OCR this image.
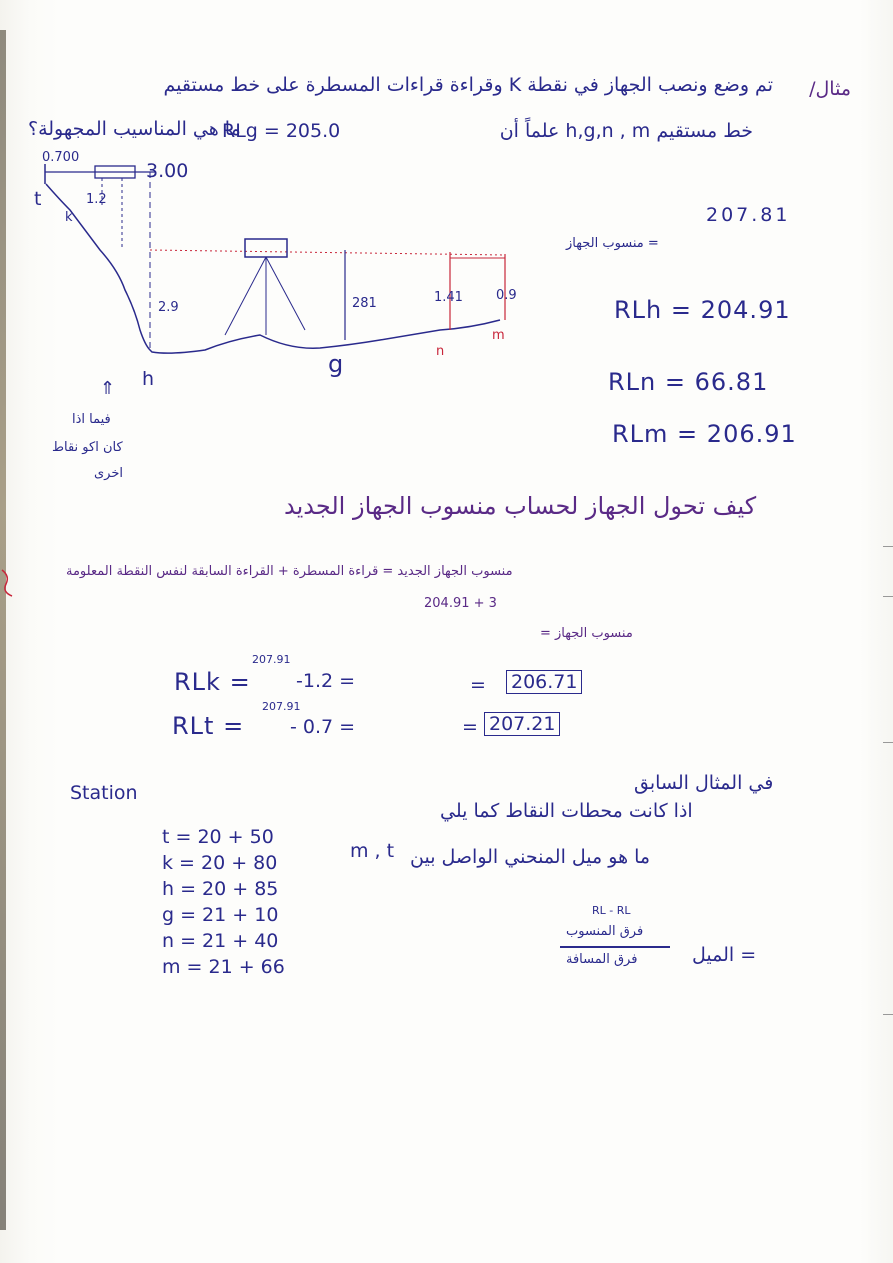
مثال/
تم وضع ونصب الجهاز في نقطة K وقراءة قراءات المسطرة على خط مستقيم
خط مستقيم h,g,n , m علماً أن
RLg = 205.0
ما هي المناسيب المجهولة؟
0.700
3.00
t
k
1.2
2.9	281	1.41	0.9
g
h
n
m
⇑
فيما اذا
كان اكو نقاط
اخرى
207.81
= منسوب الجهاز
RLh = 204.91
RLn = 66.81
RLm = 206.91
كيف تحول الجهاز لحساب منسوب الجهاز الجديد
منسوب الجهاز الجديد = قراءة المسطرة + القراءة السابقة لنفس النقطة المعلومة
204.91 + 3
منسوب الجهاز =
207.91
RLk = -1.2 =	= 206.71
207.91
RLt = - 0.7 =	= 207.21
Station	في المثال السابق
اذا كانت محطات النقاط كما يلي
ما هو ميل المنحني الواصل بين
m , t
t = 20 + 50
k = 20 + 80
h = 20 + 85
g = 21 + 10
n = 21 + 40
m = 21 + 66
RL - RL
فرق المنسوب
فرق المسافة	= الميل
